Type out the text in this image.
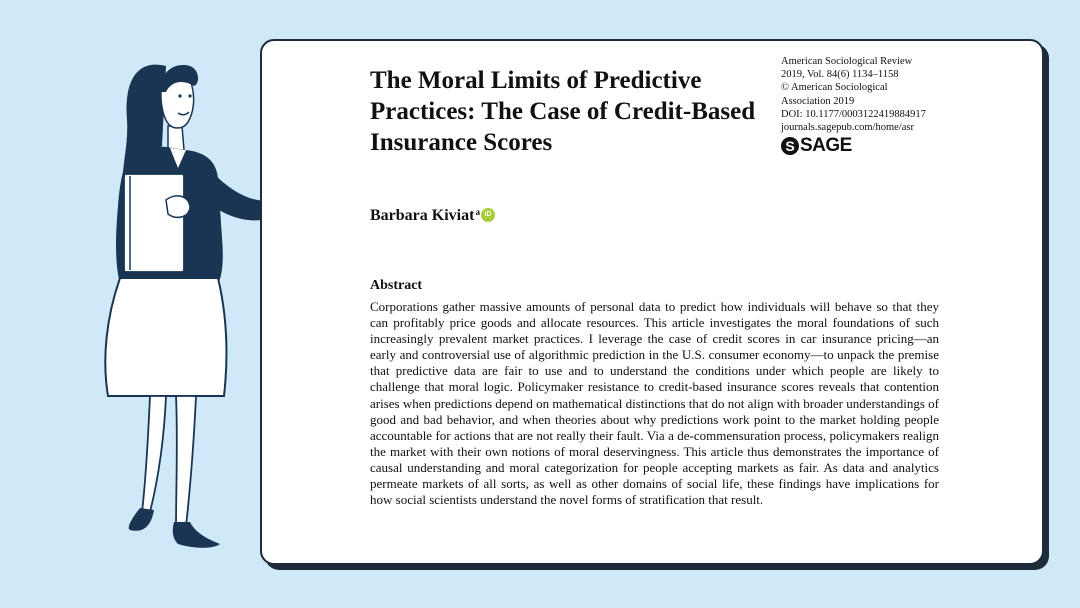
The Moral Limits of Predictive Practices: The Case of Credit-Based Insurance Scores
American Sociological Review
2019, Vol. 84(6) 1134–1158
© American Sociological
Association 2019
DOI: 10.1177/0003122419884917
journals.sagepub.com/home/asr
S SAGE
Barbara Kiviat$^a$ iD
Abstract

Corporations gather massive amounts of personal data to predict how individuals will behave so that they can profitably price goods and allocate resources. This article investigates the moral foundations of such increasingly prevalent market practices. I leverage the case of credit scores in car insurance pricing—an early and controversial use of algorithmic prediction in the U.S. consumer economy—to unpack the premise that predictive data are fair to use and to understand the conditions under which people are likely to challenge that moral logic. Policymaker resistance to credit-based insurance scores reveals that contention arises when predictions depend on mathematical distinctions that do not align with broader understandings of good and bad behavior, and when theories about why predictions work point to the market holding people accountable for actions that are not really their fault. Via a de-commensuration process, policymakers realign the market with their own notions of moral deservingness. This article thus demonstrates the importance of causal understanding and moral categorization for people accepting markets as fair. As data and analytics permeate markets of all sorts, as well as other domains of social life, these findings have implications for how social scientists understand the novel forms of stratification that result.
